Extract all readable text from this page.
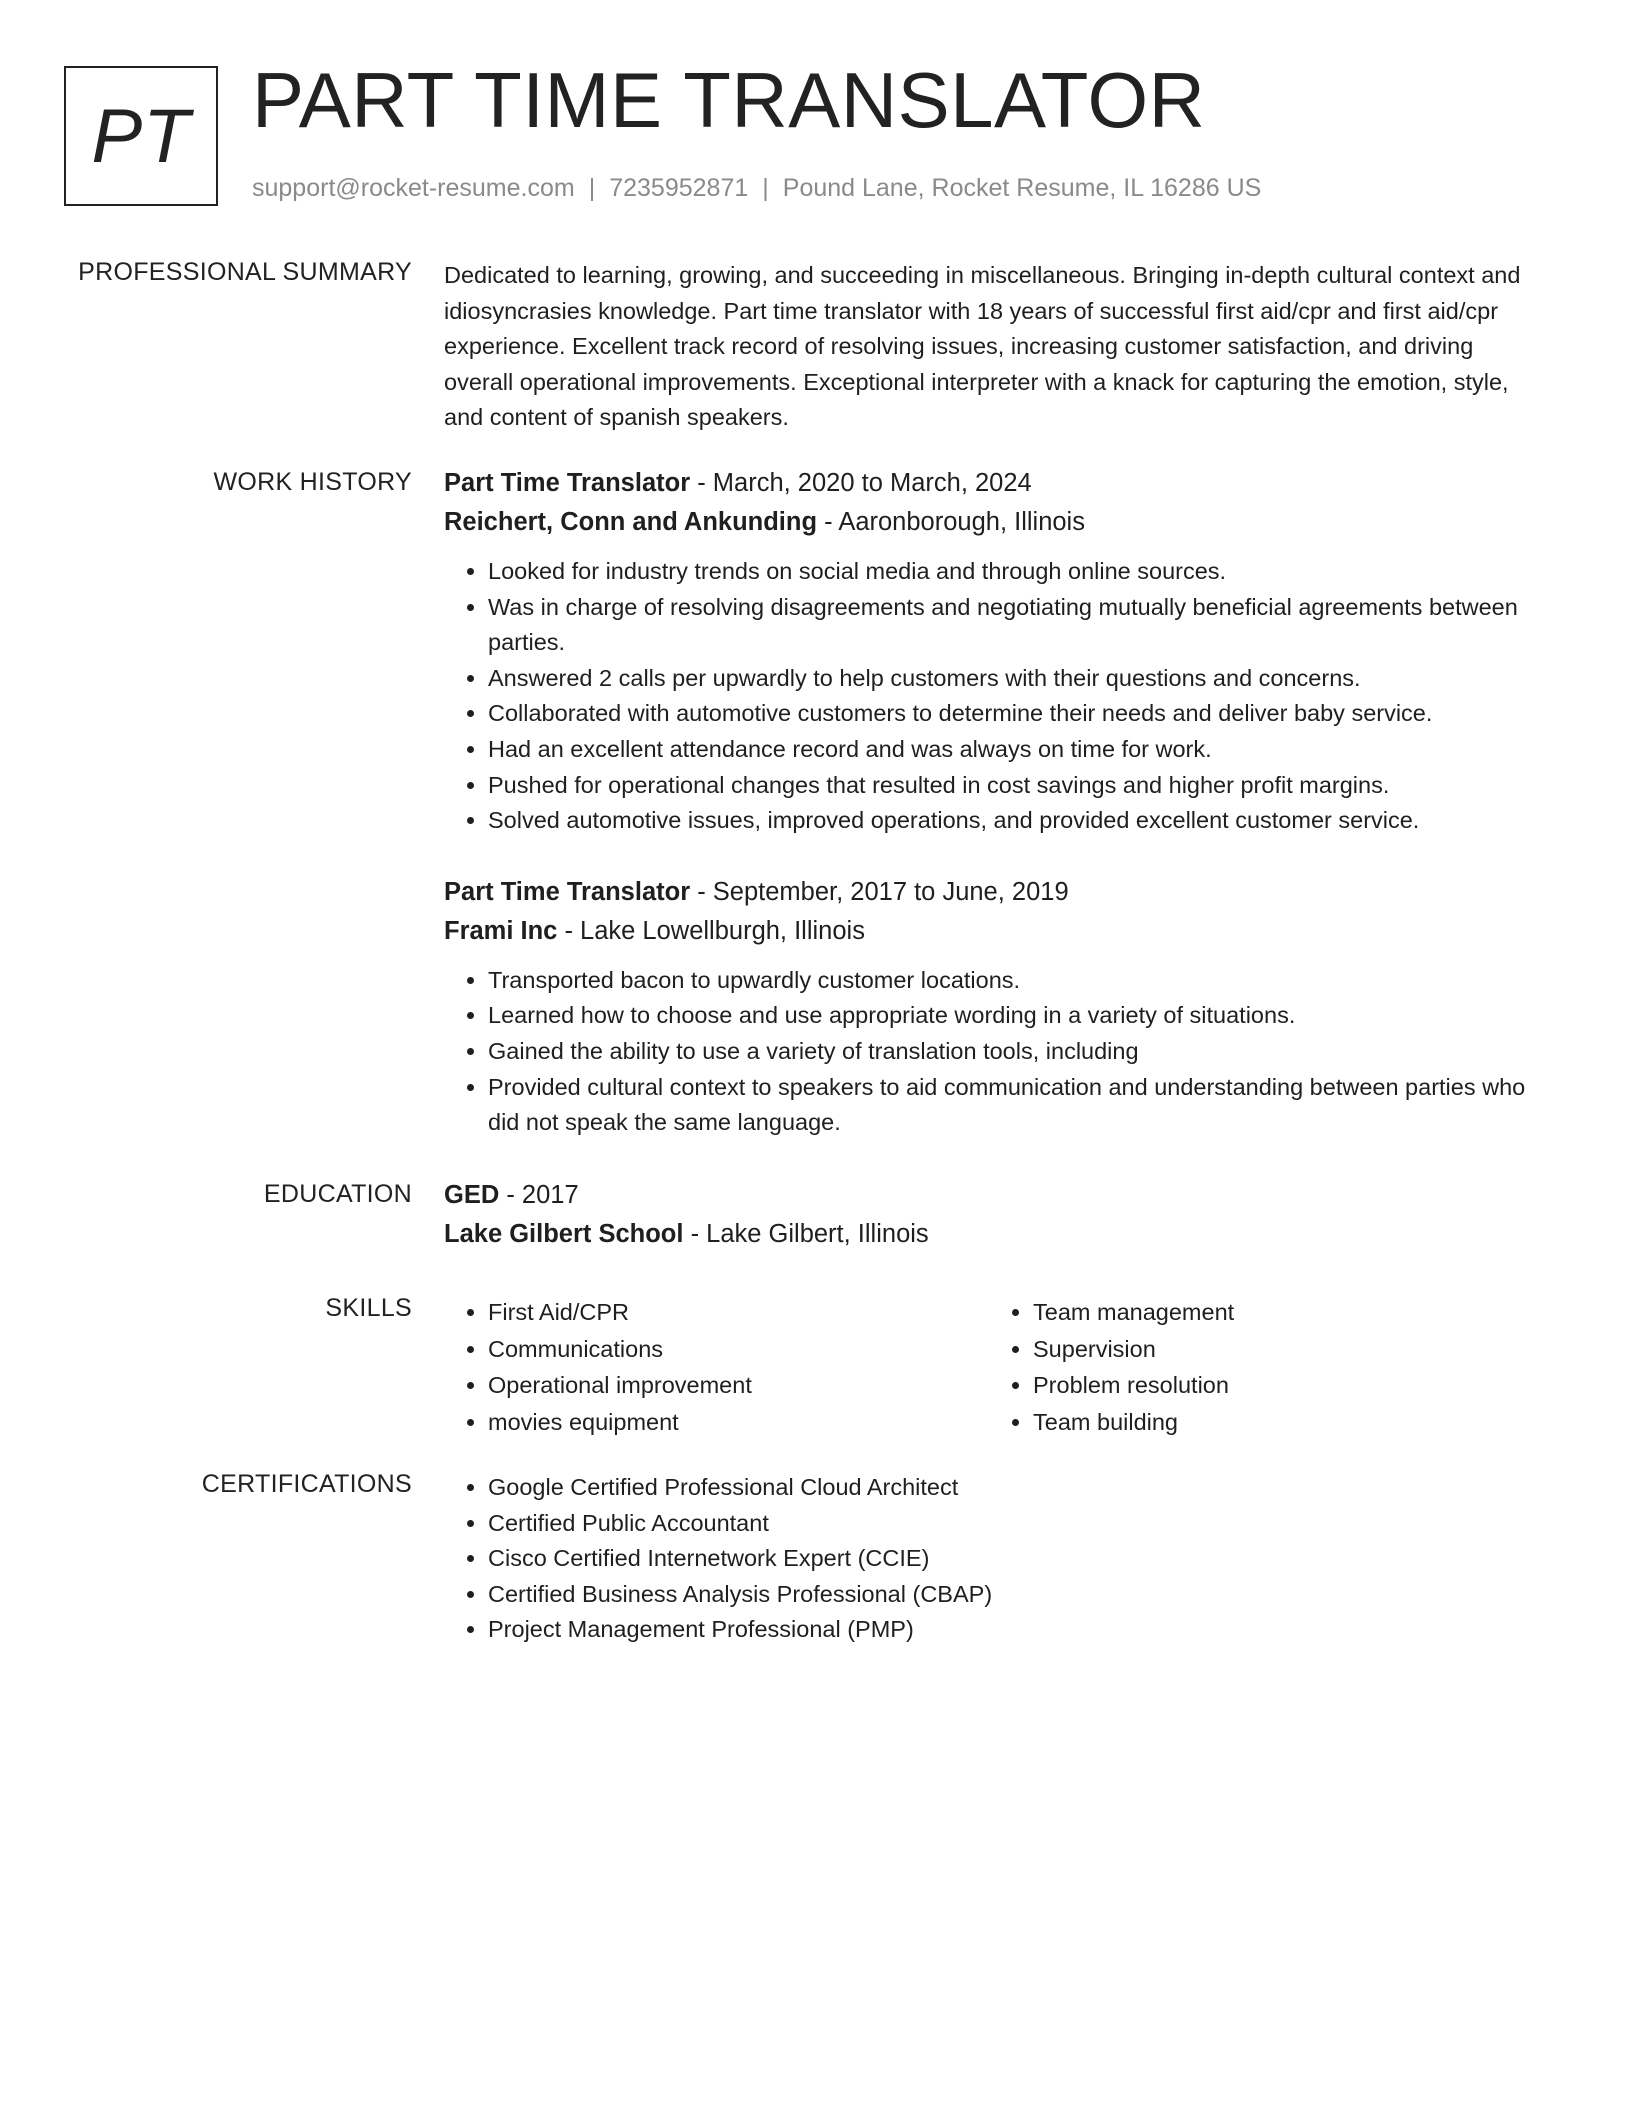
PT PART TIME TRANSLATOR
support@rocket-resume.com | 7235952871 | Pound Lane, Rocket Resume, IL 16286 US
PROFESSIONAL SUMMARY Dedicated to learning, growing, and succeeding in miscellaneous. Bringing in-depth cultural context and idiosyncrasies knowledge. Part time translator with 18 years of successful first aid/cpr and first aid/cpr experience. Excellent track record of resolving issues, increasing customer satisfaction, and driving overall operational improvements. Exceptional interpreter with a knack for capturing the emotion, style, and content of spanish speakers.

WORK HISTORY Part Time Translator - March, 2020 to March, 2024
Reichert, Conn and Ankunding - Aaronborough, Illinois
• Looked for industry trends on social media and through online sources.
• Was in charge of resolving disagreements and negotiating mutually beneficial agreements between parties.
• Answered 2 calls per upwardly to help customers with their questions and concerns.
• Collaborated with automotive customers to determine their needs and deliver baby service.
• Had an excellent attendance record and was always on time for work.
• Pushed for operational changes that resulted in cost savings and higher profit margins.
• Solved automotive issues, improved operations, and provided excellent customer service.
Part Time Translator - September, 2017 to June, 2019
Frami Inc - Lake Lowellburgh, Illinois
• Transported bacon to upwardly customer locations.
• Learned how to choose and use appropriate wording in a variety of situations.
• Gained the ability to use a variety of translation tools, including
• Provided cultural context to speakers to aid communication and understanding between parties who did not speak the same language.
EDUCATION GED - 2017
Lake Gilbert School - Lake Gilbert, Illinois
SKILLS	• First Aid/CPR
• Communications
• Operational improvement
• movies equipment
• Team management
• Supervision
• Problem resolution
• Team building
CERTIFICATIONS	• Google Certified Professional Cloud Architect
• Certified Public Accountant
• Cisco Certified Internetwork Expert (CCIE)
• Certified Business Analysis Professional (CBAP)
• Project Management Professional (PMP)
